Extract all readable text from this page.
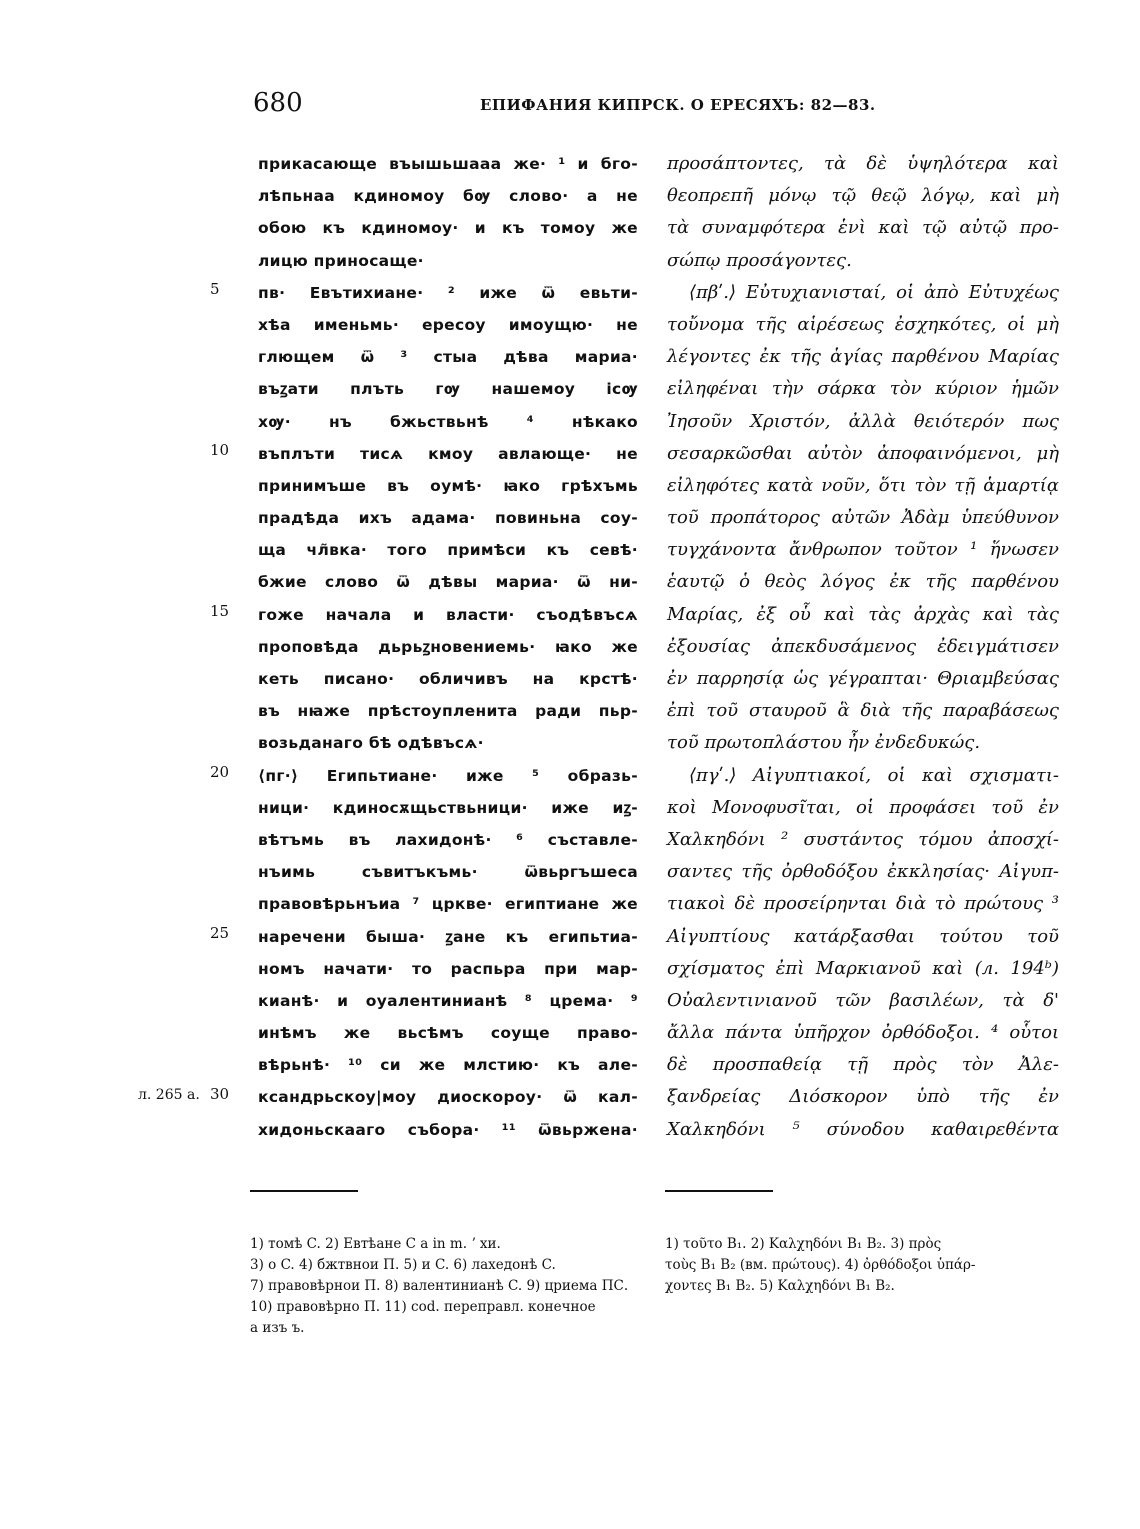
680	ЕПИФАНИЯ КИПРСК. О ЕРЕСЯХЪ: 82—83.
5
10
15
20
25
30
л. 265 а.
прикасающе въышьшааа же· ¹ и бго-
лѣпьнаа кдиномоу бѹ слово· а не
обою къ кдиномоу· и къ томоу же
лицю приносаще·
пв· Евътихиане· ² иже ѿ евьти-
хѣа именьмь· ересоу имоущю· не
глющем ѿ ³ стыа дѣва мариа·
въꙁати плъть гѹ нашемоу ісѹ
хѹ· нъ бжьствьнѣ ⁴ нѣкако
въплъти тисѧ кмоу авлающе· не
принимъше въ оумѣ· ꙗко грѣхъмь
прадѣда ихъ адама· повиньна соу-
ща чл̃вка· того примѣси къ севѣ·
бжие слово ѿ дѣвы мариа· ѿ ни-
гоже начала и власти· съодѣвъсѧ
проповѣда дьрьꙁновениемь· ꙗко же
кеть писано· обличивъ на крстѣ·
въ нꙗже прѣстоупленита ради пьр-
возьданаго бѣ одѣвъсѧ·
⟨пг·⟩ Египьтиане· иже ⁵ образь-
ници· кдиносѫщьствьници· иже иꙁ-
вѣтъмь въ лахидонѣ· ⁶ съставле-
нъимь съвитъкъмь· ѿвьргъшеса
правовѣрьнъиа ⁷ цркве· египтиане же
наречени быша· ꙁане къ египьтиа-
номъ начати· то распьра при мар-
кианѣ· и оуалентинианѣ ⁸ црема· ⁹
инѣмъ же вьсѣмъ соуще право-
вѣрьнѣ· ¹⁰ си же млстию· къ але-
ксандрьскоу|моу диоскороу· ѿ кал-
хидоньскааго събора· ¹¹ ѿвьржена·
προσάπτοντες, τὰ δὲ ὑψηλότερα καὶ
θεοπρεπῆ μόνῳ τῷ θεῷ λόγῳ, καὶ μὴ
τὰ συναμφότερα ἑνὶ καὶ τῷ αὐτῷ προ-
σώπῳ προσάγοντες.
⟨πβʹ.⟩ Εὐτυχιανισταί, οἱ ἀπὸ Εὐτυχέως
τοὔνομα τῆς αἱρέσεως ἐσχηκότες, οἱ μὴ
λέγοντες ἐκ τῆς ἁγίας παρθένου Μαρίας
εἰληφέναι τὴν σάρκα τὸν κύριον ἡμῶν
Ἰησοῦν Χριστόν, ἀλλὰ θειότερόν πως
σεσαρκῶσθαι αὐτὸν ἀποφαινόμενοι, μὴ
εἰληφότες κατὰ νοῦν, ὅτι τὸν τῇ ἁμαρτίᾳ
τοῦ προπάτορος αὐτῶν Ἀδὰμ ὑπεύθυνον
τυγχάνοντα ἄνθρωπον τοῦτον ¹ ἥνωσεν
ἑαυτῷ ὁ θεὸς λόγος ἐκ τῆς παρθένου
Μαρίας, ἐξ οὗ καὶ τὰς ἀρχὰς καὶ τὰς
ἐξουσίας ἀπεκδυσάμενος ἐδειγμάτισεν
ἐν παρρησίᾳ ὡς γέγραπται· Θριαμβεύσας
ἐπὶ τοῦ σταυροῦ ἃ διὰ τῆς παραβάσεως
τοῦ πρωτοπλάστου ἦν ἐνδεδυκώς.
⟨πγʹ.⟩ Αἰγυπτιακοί, οἱ καὶ σχισματι-
κοὶ Μονοφυσῖται, οἱ προφάσει τοῦ ἐν
Χαλκηδόνι ² συστάντος τόμου ἀποσχί-
σαντες τῆς ὀρθοδόξου ἐκκλησίας· Αἰγυπ-
τιακοὶ δὲ προσείρηνται διὰ τὸ πρώτους ³
Αἰγυπτίους κατάρξασθαι τούτου τοῦ
σχίσματος ἐπὶ Μαρκιανοῦ καὶ (л. 194ᵇ)
Οὐαλεντινιανοῦ τῶν βασιλέων, τὰ δ'
ἄλλα πάντα ὑπῆρχον ὀρθόδοξοι. ⁴ οὗτοι
δὲ προσπαθείᾳ τῇ πρὸς τὸν Ἀλε-
ξανδρείας Διόσκορον ὑπὸ τῆς ἐν
Χαλκηδόνι ⁵ σύνοδου καθαιρεθέντα
1) томѣ C. 2) Евтѣане C a in m. ʼ хи.
3) о C. 4) бжтвнои П. 5) и C. 6) лахедонѣ C.
7) правовѣрнои П. 8) валентинианѣ C. 9) цриема ПС.
10) правовѣрно П. 11) cod. переправл. конечное
а изъ ъ.
1) τοῦτο B₁. 2) Καλχηδόνι B₁ B₂. 3) πρὸς
τοὺς B₁ B₂ (вм. πρώτους). 4) ὀρθόδοξοι ὑπάρ-
χοντες B₁ B₂. 5) Καλχηδόνι B₁ B₂.
